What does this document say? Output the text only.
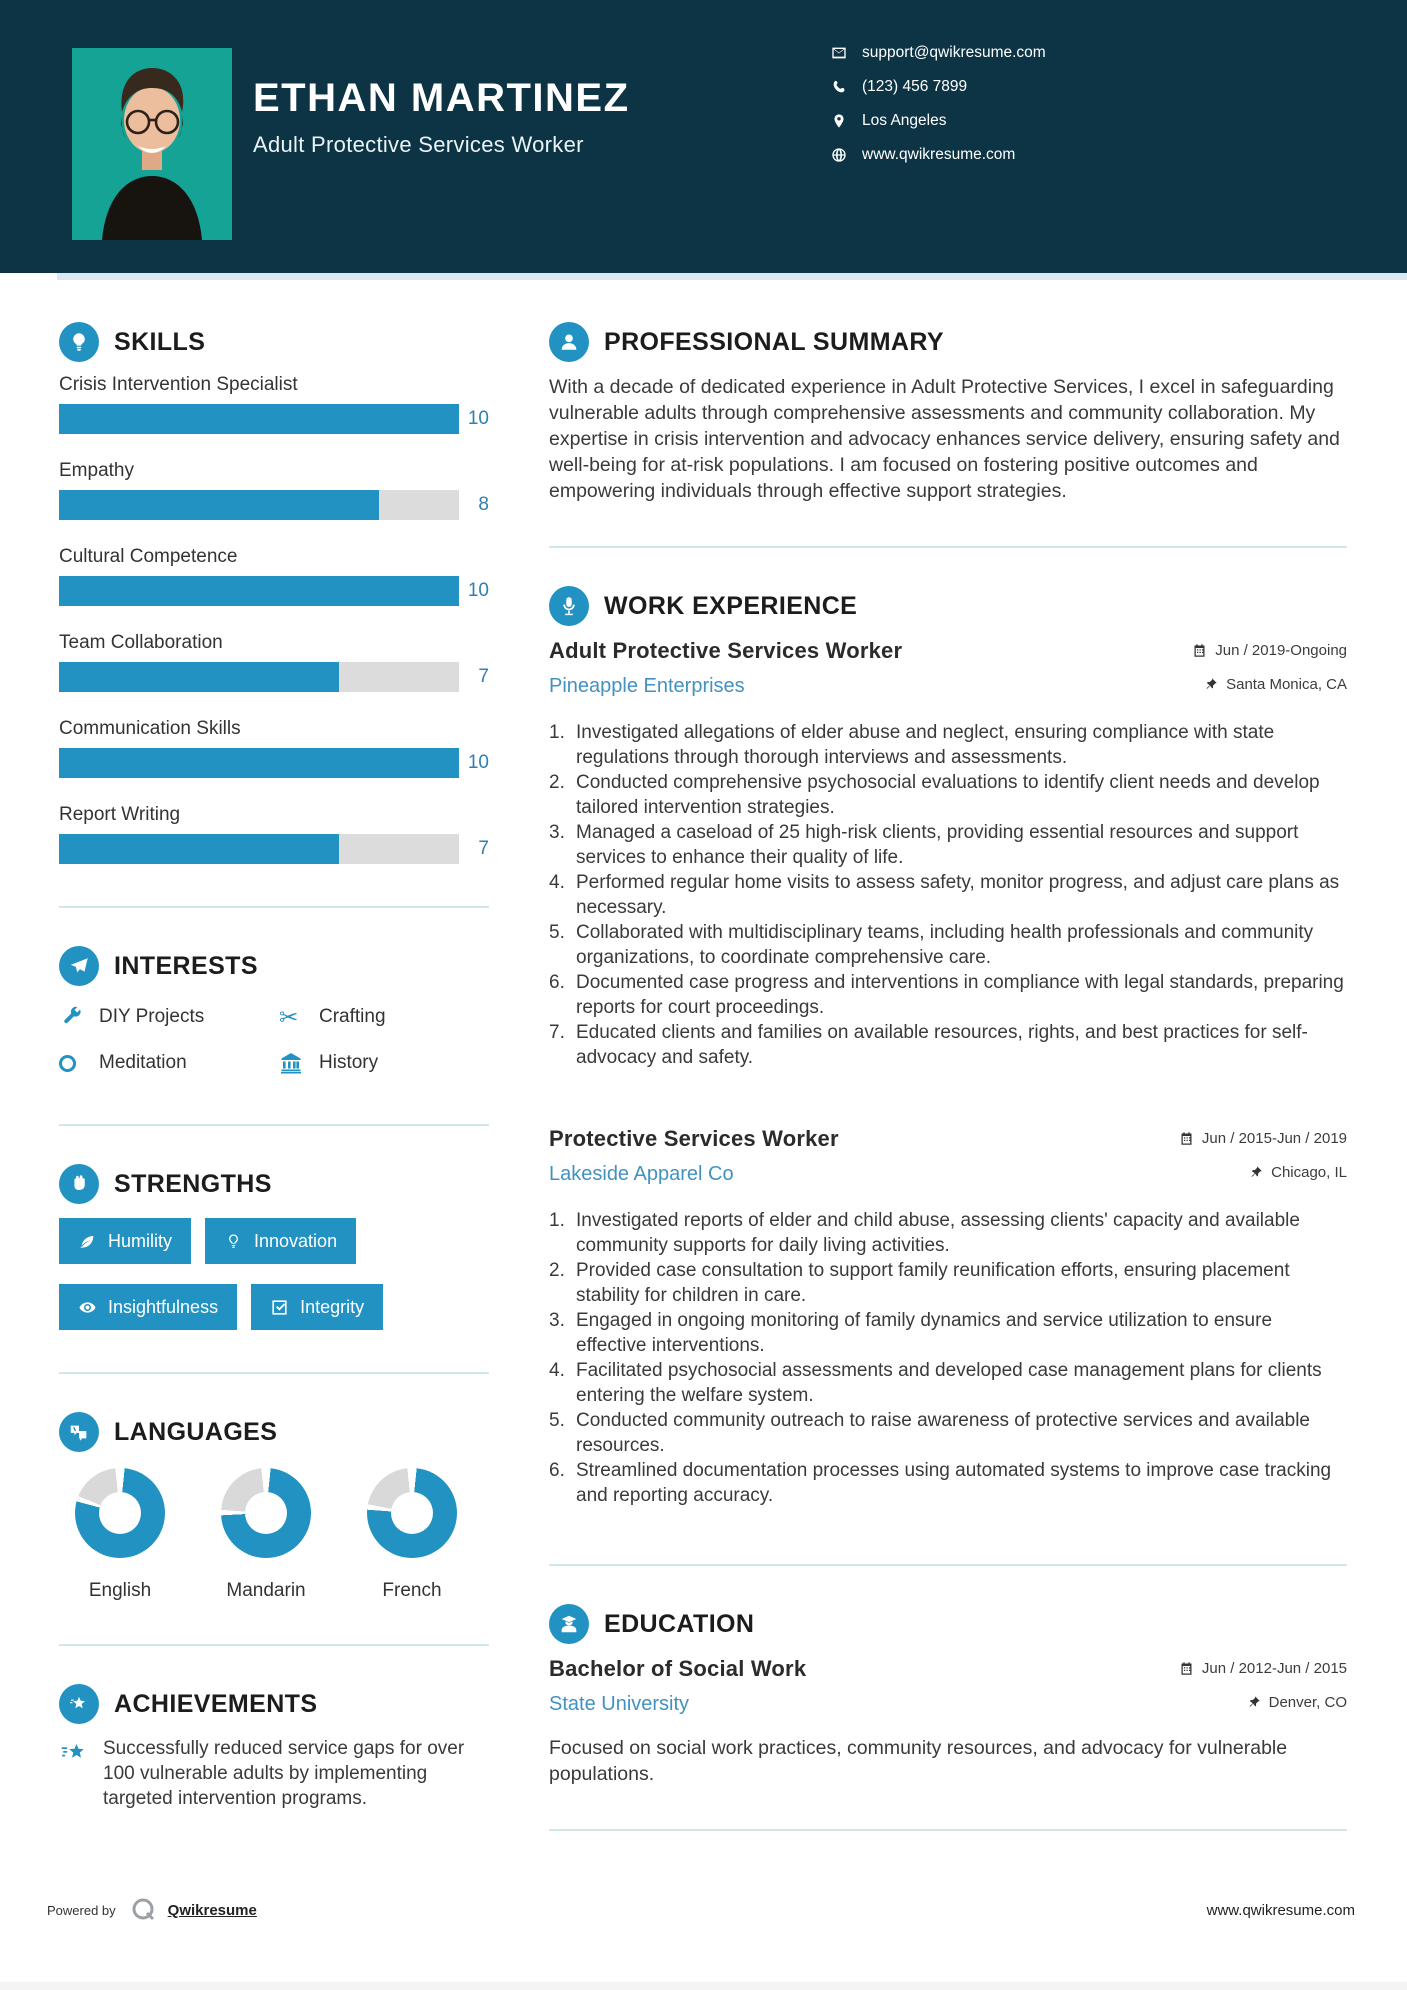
ETHAN MARTINEZ
Adult Protective Services Worker
support@qwikresume.com
(123) 456 7899
Los Angeles
www.qwikresume.com
SKILLS
Crisis Intervention Specialist
10
Empathy
8
Cultural Competence
10
Team Collaboration
7
Communication Skills
10
Report Writing
7
INTERESTS
DIY Projects	✂ Crafting
Meditation	History
STRENGTHS
Humility	Innovation
Insightfulness	Integrity
LANGUAGES
English	Mandarin	French
ACHIEVEMENTS

Successfully reduced service gaps for over 100 vulnerable adults by implementing targeted intervention programs.

PROFESSIONAL SUMMARY

With a decade of dedicated experience in Adult Protective Services, I excel in safeguarding vulnerable adults through comprehensive assessments and community collaboration. My expertise in crisis intervention and advocacy enhances service delivery, ensuring safety and well-being for at-risk populations. I am focused on fostering positive outcomes and empowering individuals through effective support strategies.

WORK EXPERIENCE
Adult Protective Services Worker	Jun / 2019-Ongoing
Pineapple Enterprises	Santa Monica, CA
Investigated allegations of elder abuse and neglect, ensuring compliance with state regulations through thorough interviews and assessments.
Conducted comprehensive psychosocial evaluations to identify client needs and develop tailored intervention strategies.
Managed a caseload of 25 high-risk clients, providing essential resources and support services to enhance their quality of life.
Performed regular home visits to assess safety, monitor progress, and adjust care plans as necessary.
Collaborated with multidisciplinary teams, including health professionals and community organizations, to coordinate comprehensive care.
Documented case progress and interventions in compliance with legal standards, preparing reports for court proceedings.
Educated clients and families on available resources, rights, and best practices for self-advocacy and safety.
Protective Services Worker	Jun / 2015-Jun / 2019
Lakeside Apparel Co	Chicago, IL
Investigated reports of elder and child abuse, assessing clients' capacity and available community supports for daily living activities.
Provided case consultation to support family reunification efforts, ensuring placement stability for children in care.
Engaged in ongoing monitoring of family dynamics and service utilization to ensure effective interventions.
Facilitated psychosocial assessments and developed case management plans for clients entering the welfare system.
Conducted community outreach to raise awareness of protective services and available resources.
Streamlined documentation processes using automated systems to improve case tracking and reporting accuracy.
EDUCATION
Bachelor of Social Work	Jun / 2012-Jun / 2015
State University	Denver, CO

Focused on social work practices, community resources, and advocacy for vulnerable populations.

Powered by	Qwikresume	www.qwikresume.com
